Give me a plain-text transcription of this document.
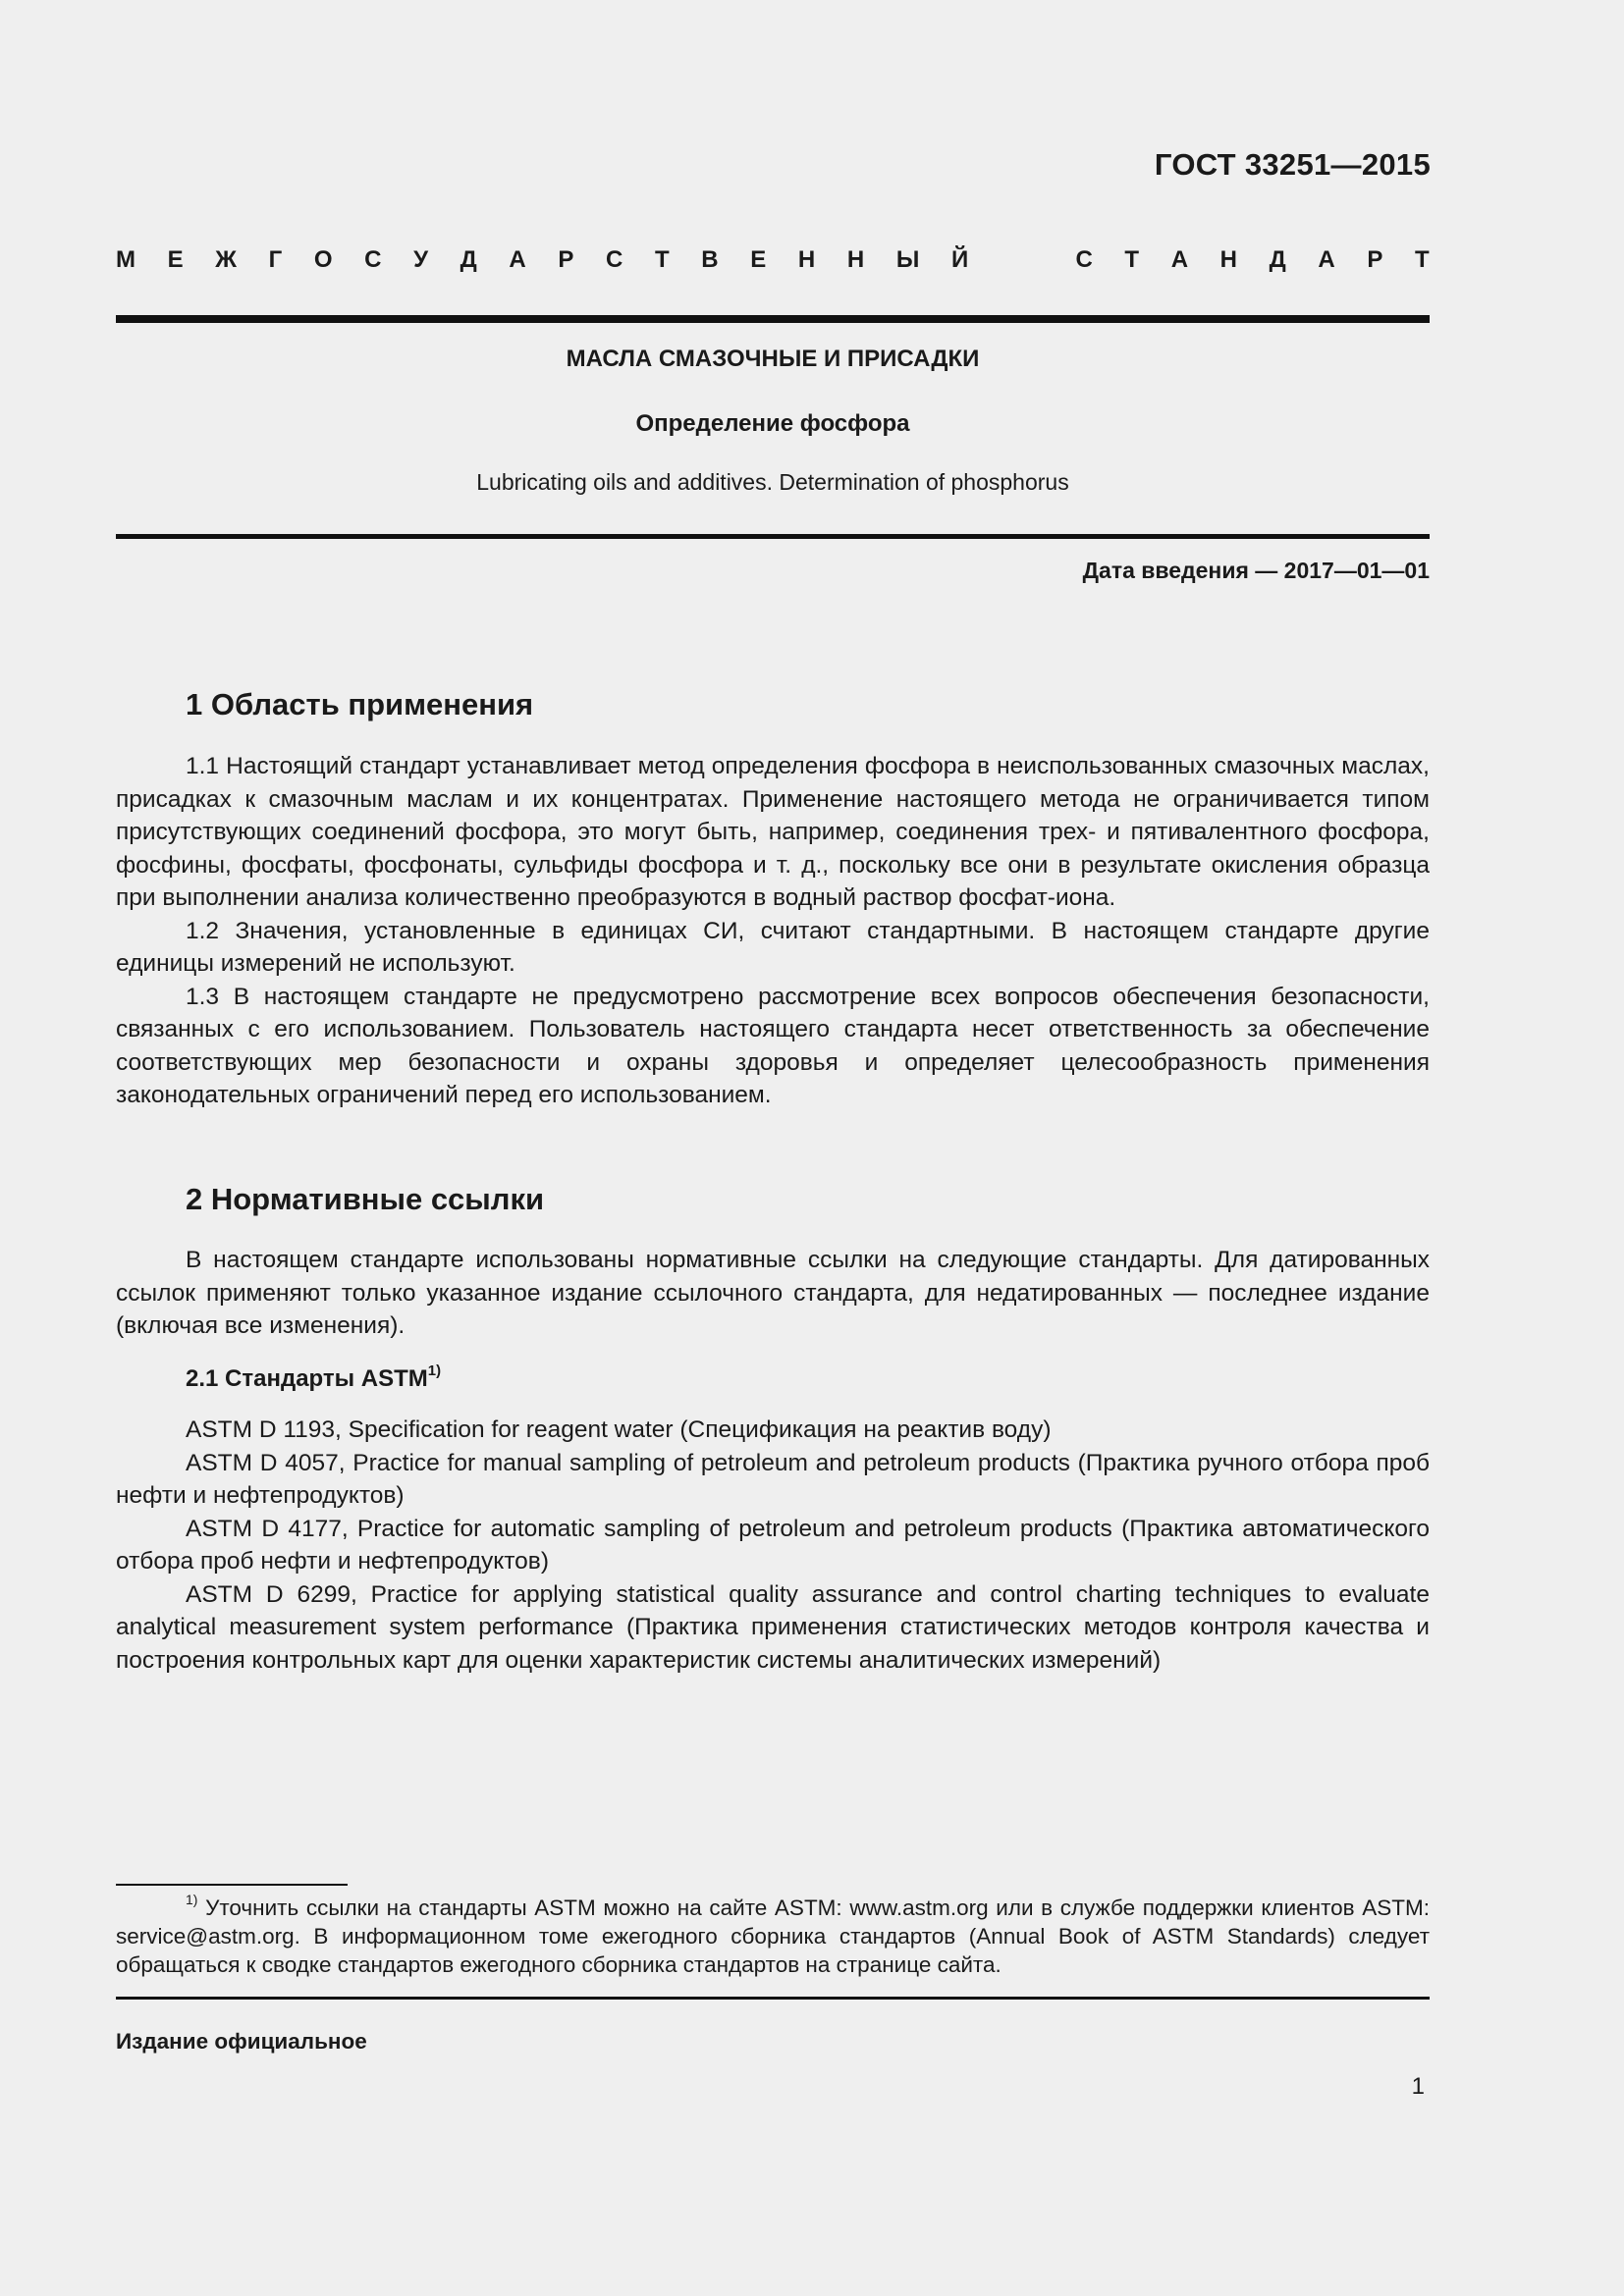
ГОСТ 33251—2015
М Е Ж Г О С У Д А Р С Т В Е Н Н Ы Й	С Т А Н Д А Р Т
МАСЛА СМАЗОЧНЫЕ И ПРИСАДКИ
Определение фосфора
Lubricating oils and additives. Determination of phosphorus
Дата введения — 2017—01—01
1 Область применения

1.1 Настоящий стандарт устанавливает метод определения фосфора в неиспользованных смазочных маслах, присадках к смазочным маслам и их концентратах. Применение настоящего метода не ограничивается типом присутствующих соединений фосфора, это могут быть, например, соединения трех- и пятивалентного фосфора, фосфины, фосфаты, фосфонаты, сульфиды фосфора и т. д., поскольку все они в результате окисления образца при выполнении анализа количественно преобразуются в водный раствор фосфат-иона.

1.2 Значения, установленные в единицах СИ, считают стандартными. В настоящем стандарте другие единицы измерений не используют.

1.3 В настоящем стандарте не предусмотрено рассмотрение всех вопросов обеспечения безопасности, связанных с его использованием. Пользователь настоящего стандарта несет ответственность за обеспечение соответствующих мер безопасности и охраны здоровья и определяет целесообразность применения законодательных ограничений перед его использованием.

2 Нормативные ссылки

В настоящем стандарте использованы нормативные ссылки на следующие стандарты. Для датированных ссылок применяют только указанное издание ссылочного стандарта, для недатированных — последнее издание (включая все изменения).

2.1 Стандарты ASTM$^{1)}$

ASTM D 1193, Specification for reagent water (Спецификация на реактив воду)

ASTM D 4057, Practice for manual sampling of petroleum and petroleum products (Практика ручного отбора проб нефти и нефтепродуктов)

ASTM D 4177, Practice for automatic sampling of petroleum and petroleum products (Практика автоматического отбора проб нефти и нефтепродуктов)

ASTM D 6299, Practice for applying statistical quality assurance and control charting techniques to evaluate analytical measurement system performance (Практика применения статистических методов контроля качества и построения контрольных карт для оценки характеристик системы аналитических измерений)

$^{1)}$ Уточнить ссылки на стандарты ASTM можно на сайте ASTM: www.astm.org или в службе поддержки клиентов ASTM: service@astm.org. В информационном томе ежегодного сборника стандартов (Annual Book of ASTM Standards) следует обращаться к сводке стандартов ежегодного сборника стандартов на странице сайта.

Издание официальное
1
